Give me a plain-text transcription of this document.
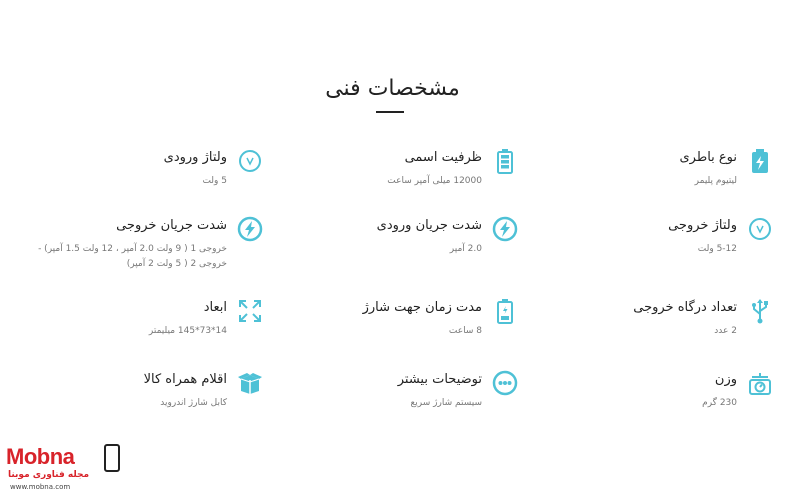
مشخصات فنی
نوع باطری
لیتیوم پلیمر
ظرفیت اسمی
12000 میلی آمپر ساعت
ولتاژ ورودی
5 ولت
ولتاژ خروجی
5-12 ولت
شدت جریان ورودی
2.0 آمپر
شدت جریان خروجی
خروجی 1 ( 9 ولت 2.0 آمپر ، 12 ولت 1.5 آمپر) - خروجی 2 ( 5 ولت 2 آمپر)
تعداد درگاه خروجی
2 عدد
مدت زمان جهت شارژ
8 ساعت
ابعاد
14*73*145 میلیمتر
وزن
230 گرم
توضیحات بیشتر
سیستم شارژ سریع
اقلام همراه کالا
کابل شارژ اندروید
Mobna
مجله فناوری موبنا
www.mobna.com
